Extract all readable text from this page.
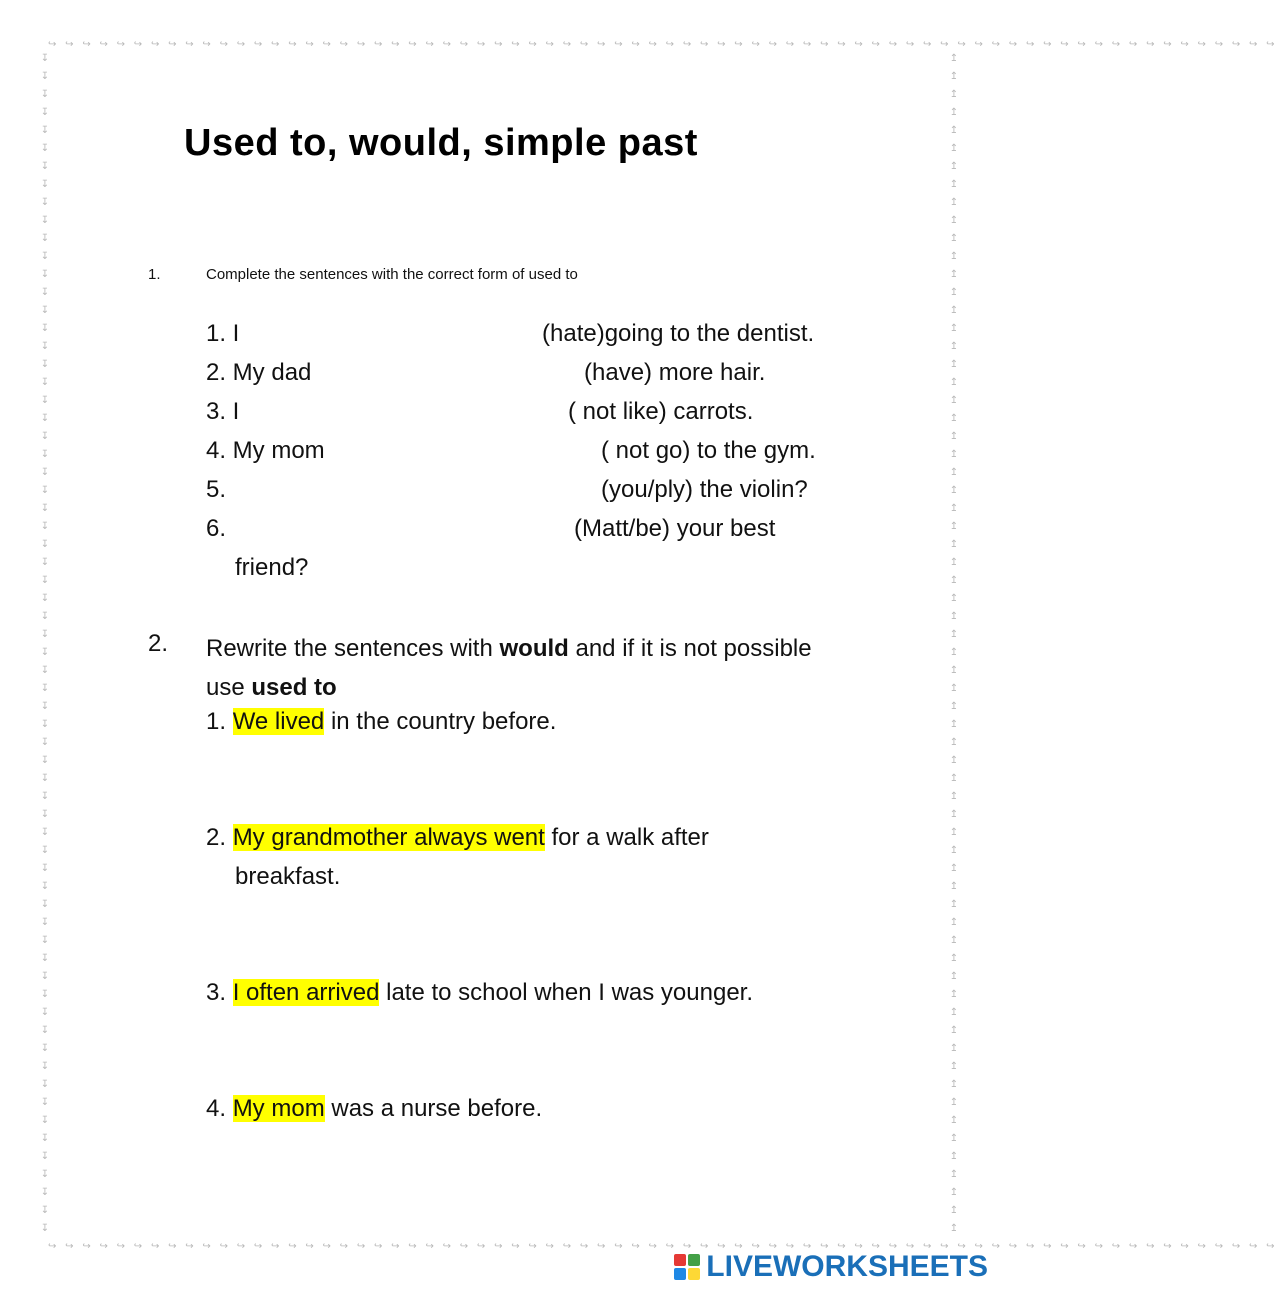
↪ ↪ ↪ ↪ ↪ ↪ ↪ ↪ ↪ ↪ ↪ ↪ ↪ ↪ ↪ ↪ ↪ ↪ ↪ ↪ ↪ ↪ ↪ ↪ ↪ ↪ ↪ ↪ ↪ ↪ ↪ ↪ ↪ ↪ ↪ ↪ ↪ ↪ ↪ ↪ ↪ ↪ ↪ ↪ ↪ ↪ ↪ ↪ ↪ ↪ ↪ ↪ ↪ ↪ ↪ ↪ ↪ ↪ ↪ ↪ ↪ ↪ ↪ ↪ ↪ ↪ ↪ ↪ ↪ ↪ ↪ ↪
↪ ↪ ↪ ↪ ↪ ↪ ↪ ↪ ↪ ↪ ↪ ↪ ↪ ↪ ↪ ↪ ↪ ↪ ↪ ↪ ↪ ↪ ↪ ↪ ↪ ↪ ↪ ↪ ↪ ↪ ↪ ↪ ↪ ↪ ↪ ↪ ↪ ↪ ↪ ↪ ↪ ↪ ↪ ↪ ↪ ↪ ↪ ↪ ↪ ↪ ↪ ↪ ↪ ↪ ↪ ↪ ↪ ↪ ↪ ↪ ↪ ↪ ↪ ↪ ↪ ↪ ↪ ↪ ↪ ↪ ↪ ↪
↧↧↧↧↧↧↧↧↧↧↧↧↧↧↧↧↧↧↧↧↧↧↧↧↧↧↧↧↧↧↧↧↧↧↧↧↧↧↧↧↧↧↧↧↧↧↧↧↧↧↧↧↧↧↧↧↧↧↧↧↧↧↧↧↧↧
↥↥↥↥↥↥↥↥↥↥↥↥↥↥↥↥↥↥↥↥↥↥↥↥↥↥↥↥↥↥↥↥↥↥↥↥↥↥↥↥↥↥↥↥↥↥↥↥↥↥↥↥↥↥↥↥↥↥↥↥↥↥↥↥↥↥
Used to, would, simple past
1.	Complete the sentences with the correct form of used to
1. I	(hate)going to the dentist.
2. My dad	(have) more hair.
3. I	( not like) carrots.
4. My mom	( not go) to the gym.
5.	(you/ply) the violin?
6.	(Matt/be) your best
friend?
2. Rewrite the sentences with would and if it is not possible use used to
1. We lived in the country before.
2. My grandmother always went for a walk after
breakfast.
3. I often arrived late to school when I was younger.
4. My mom was a nurse before.
LIVEWORKSHEETS
